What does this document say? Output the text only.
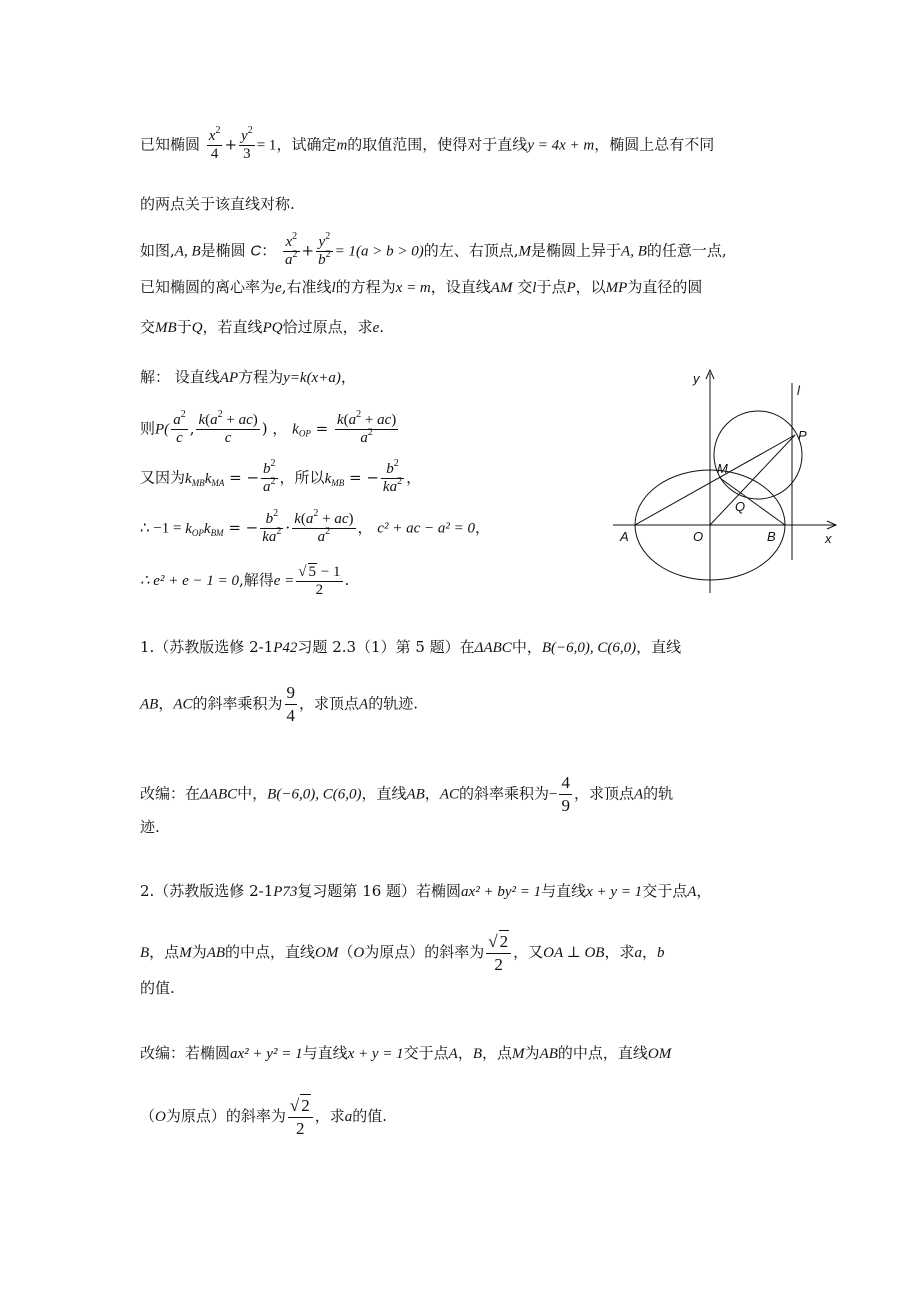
已知椭圆 $\frac{x^2}{4} + \frac{y^2}{3} = 1$，试确定m的取值范围，使得对于直线y = 4x + m，椭圆上总有不同
的两点关于该直线对称.
如图,A, B是椭圆 C： $\frac{x^2}{a^2} + \frac{y^2}{b^2} = 1(a > b > 0)$的左、右顶点,M是椭圆上异于A, B的任意一点,
已知椭圆的离心率为e,右准线l的方程为x = m，设直线AM 交l于点P，以MP为直径的圆
交MB于Q，若直线PQ恰过原点，求e.
解： 设直线AP方程为y=k(x+a)，
则$P( \frac{a^2}{c}$ , $\frac{k(a^2 + ac)}{c}$ ) ， $k_{OP} = \frac{k(a^2 + ac)}{a^2}$
又因为$k_{MB}k_{MA}$ = − $\frac{b^2}{a^2}$ ，所以$k_{MB}$ = − $\frac{b^2}{ka^2}$ ，
∴ $-1 = k_{OP}k_{BM}$ = − $\frac{b^2}{ka^2} \cdot \frac{k(a^2 + ac)}{a^2}$ ， c² + ac − a² = 0，
∴ e² + e − 1 = 0,解得$e = \frac{√ 5 - 1}{2}$ .
y
l
P
M
Q
A	O	B	x
1.（苏教版选修 2-1P42习题 2.3（1）第 5 题）在ΔABC中，B(−6,0), C(6,0)，直线
AB，AC的斜率乘积为 $\frac{9}{4}$ ，求顶点A的轨迹.
改编：在ΔABC中，B(−6,0), C(6,0)，直线AB，AC的斜率乘积为− $\frac{4}{9}$ ，求顶点A的轨
迹.
2.（苏教版选修 2-1P73复习题第 16 题）若椭圆ax² + by² = 1与直线x + y = 1交于点A，
B，点M为AB的中点，直线OM（O为原点）的斜率为 $\frac{√ 2}{2}$ ，又OA ⊥ OB，求a，b
的值.
改编：若椭圆ax² + y² = 1与直线x + y = 1交于点A，B，点M为AB的中点，直线OM
（O为原点）的斜率为 $\frac{√ 2}{2}$ ，求a的值.
